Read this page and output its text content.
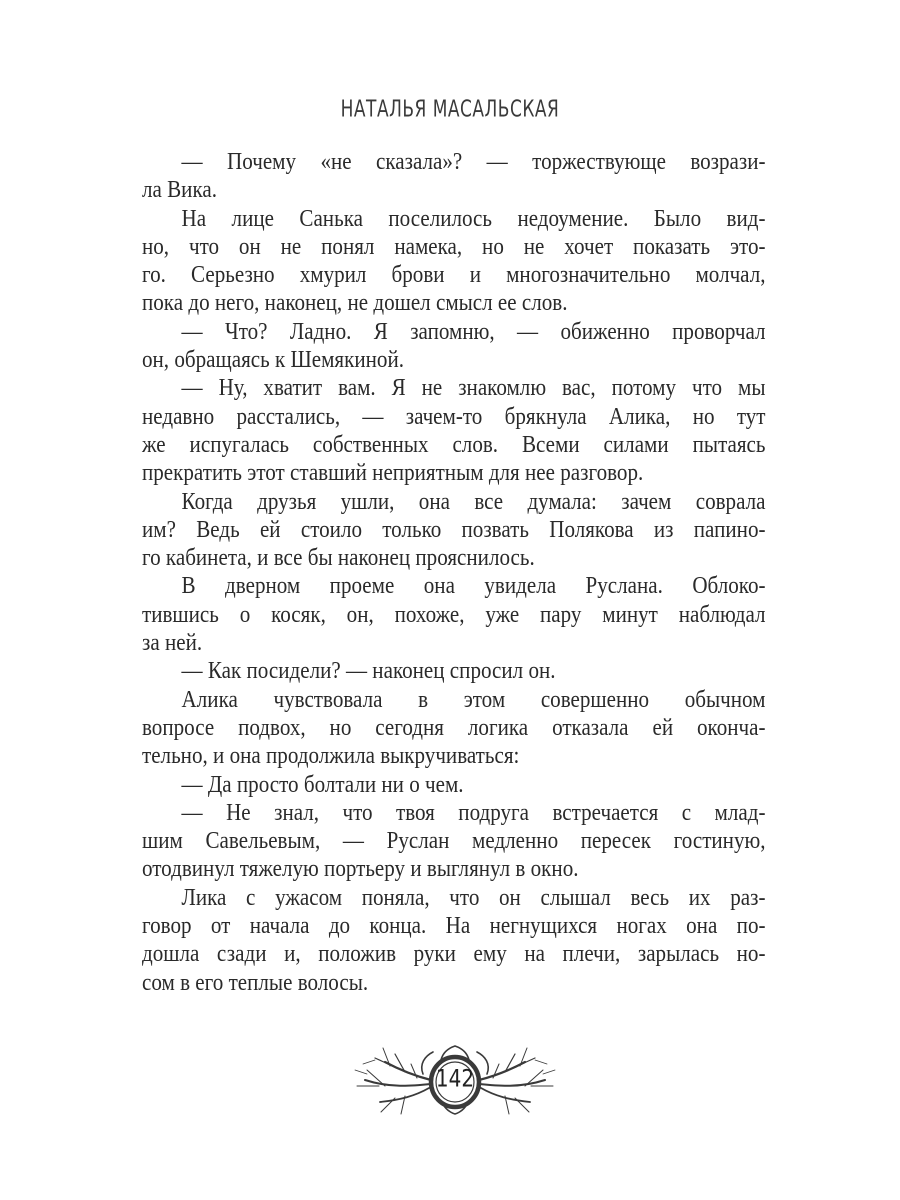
НАТАЛЬЯ МАСАЛЬСКАЯ
— Почему «не сказала»? — торжествующе возрази-
ла Вика.
На лице Санька поселилось недоумение. Было вид-
но, что он не понял намека, но не хочет показать это-
го. Серьезно хмурил брови и многозначительно молчал,
пока до него, наконец, не дошел смысл ее слов.
— Что? Ладно. Я запомню, — обиженно проворчал
он, обращаясь к Шемякиной.
— Ну, хватит вам. Я не знакомлю вас, потому что мы
недавно расстались, — зачем-то брякнула Алика, но тут
же испугалась собственных слов. Всеми силами пытаясь
прекратить этот ставший неприятным для нее разговор.
Когда друзья ушли, она все думала: зачем соврала
им? Ведь ей стоило только позвать Полякова из папино-
го кабинета, и все бы наконец прояснилось.
В дверном проеме она увидела Руслана. Облоко-
тившись о косяк, он, похоже, уже пару минут наблюдал
за ней.
— Как посидели? — наконец спросил он.
Алика чувствовала в этом совершенно обычном
вопросе подвох, но сегодня логика отказала ей оконча-
тельно, и она продолжила выкручиваться:
— Да просто болтали ни о чем.
— Не знал, что твоя подруга встречается с млад-
шим Савельевым, — Руслан медленно пересек гостиную,
отодвинул тяжелую портьеру и выглянул в окно.
Лика с ужасом поняла, что он слышал весь их раз-
говор от начала до конца. На негнущихся ногах она по-
дошла сзади и, положив руки ему на плечи, зарылась но-
сом в его теплые волосы.
142
